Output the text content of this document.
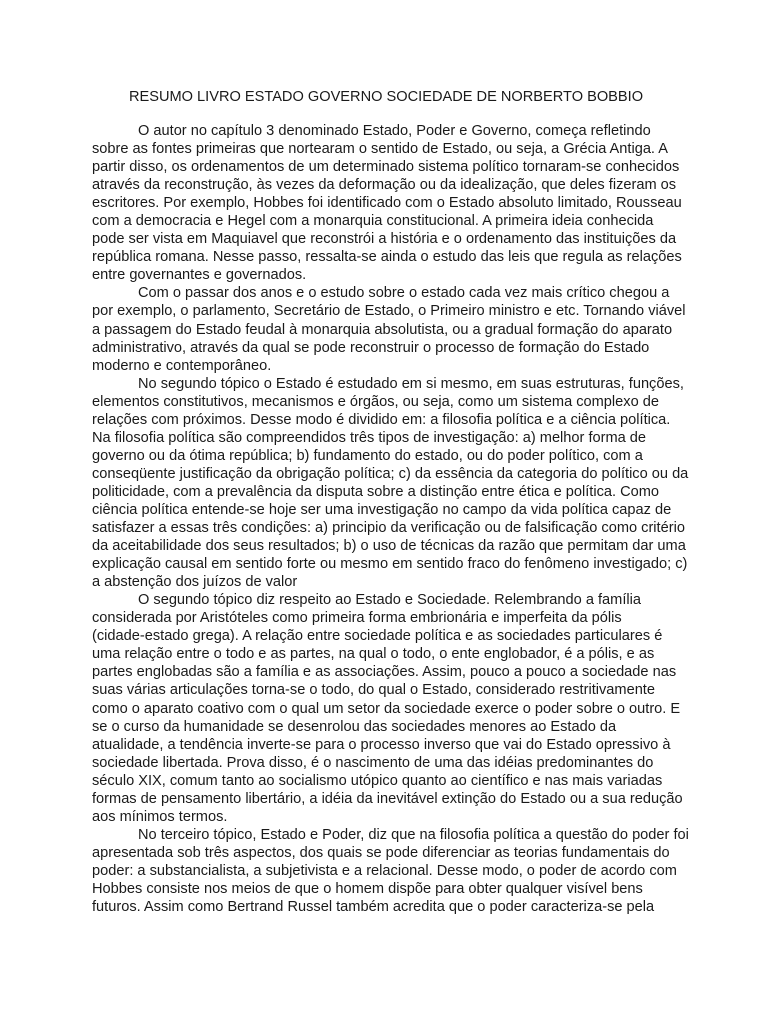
RESUMO LIVRO ESTADO GOVERNO SOCIEDADE DE NORBERTO BOBBIO

O autor no capítulo 3 denominado Estado, Poder e Governo, começa refletindo
sobre as fontes primeiras que nortearam o sentido de Estado, ou seja, a Grécia Antiga. A
partir disso, os ordenamentos de um determinado sistema político tornaram-se conhecidos
através da reconstrução, às vezes da deformação ou da idealização, que deles fizeram os
escritores. Por exemplo, Hobbes foi identificado com o Estado absoluto limitado, Rousseau
com a democracia e Hegel com a monarquia constitucional. A primeira ideia conhecida
pode ser vista em Maquiavel que reconstrói a história e o ordenamento das instituições da
república romana. Nesse passo, ressalta-se ainda o estudo das leis que regula as relações
entre governantes e governados.

Com o passar dos anos e o estudo sobre o estado cada vez mais crítico chegou a
por exemplo, o parlamento, Secretário de Estado, o Primeiro ministro e etc. Tornando viável
a passagem do Estado feudal à monarquia absolutista, ou a gradual formação do aparato
administrativo, através da qual se pode reconstruir o processo de formação do Estado
moderno e contemporâneo.

No segundo tópico o Estado é estudado em si mesmo, em suas estruturas, funções,
elementos constitutivos, mecanismos e órgãos, ou seja, como um sistema complexo de
relações com próximos. Desse modo é dividido em: a filosofia política e a ciência política.
Na filosofia política são compreendidos três tipos de investigação: a) melhor forma de
governo ou da ótima república; b) fundamento do estado, ou do poder político, com a
conseqüente justificação da obrigação política; c) da essência da categoria do político ou da
politicidade, com a prevalência da disputa sobre a distinção entre ética e política. Como
ciência política entende-se hoje ser uma investigação no campo da vida política capaz de
satisfazer a essas três condições: a) principio da verificação ou de falsificação como critério
da aceitabilidade dos seus resultados; b) o uso de técnicas da razão que permitam dar uma
explicação causal em sentido forte ou mesmo em sentido fraco do fenômeno investigado; c)
a abstenção dos juízos de valor

O segundo tópico diz respeito ao Estado e Sociedade. Relembrando a família
considerada por Aristóteles como primeira forma embrionária e imperfeita da pólis
(cidade-estado grega). A relação entre sociedade política e as sociedades particulares é
uma relação entre o todo e as partes, na qual o todo, o ente englobador, é a pólis, e as
partes englobadas são a família e as associações. Assim, pouco a pouco a sociedade nas
suas várias articulações torna-se o todo, do qual o Estado, considerado restritivamente
como o aparato coativo com o qual um setor da sociedade exerce o poder sobre o outro. E
se o curso da humanidade se desenrolou das sociedades menores ao Estado da
atualidade, a tendência inverte-se para o processo inverso que vai do Estado opressivo à
sociedade libertada. Prova disso, é o nascimento de uma das idéias predominantes do
século XIX, comum tanto ao socialismo utópico quanto ao científico e nas mais variadas
formas de pensamento libertário, a idéia da inevitável extinção do Estado ou a sua redução
aos mínimos termos.

No terceiro tópico, Estado e Poder, diz que na filosofia política a questão do poder foi
apresentada sob três aspectos, dos quais se pode diferenciar as teorias fundamentais do
poder: a substancialista, a subjetivista e a relacional. Desse modo, o poder de acordo com
Hobbes consiste nos meios de que o homem dispõe para obter qualquer visível bens
futuros. Assim como Bertrand Russel também acredita que o poder caracteriza-se pela
